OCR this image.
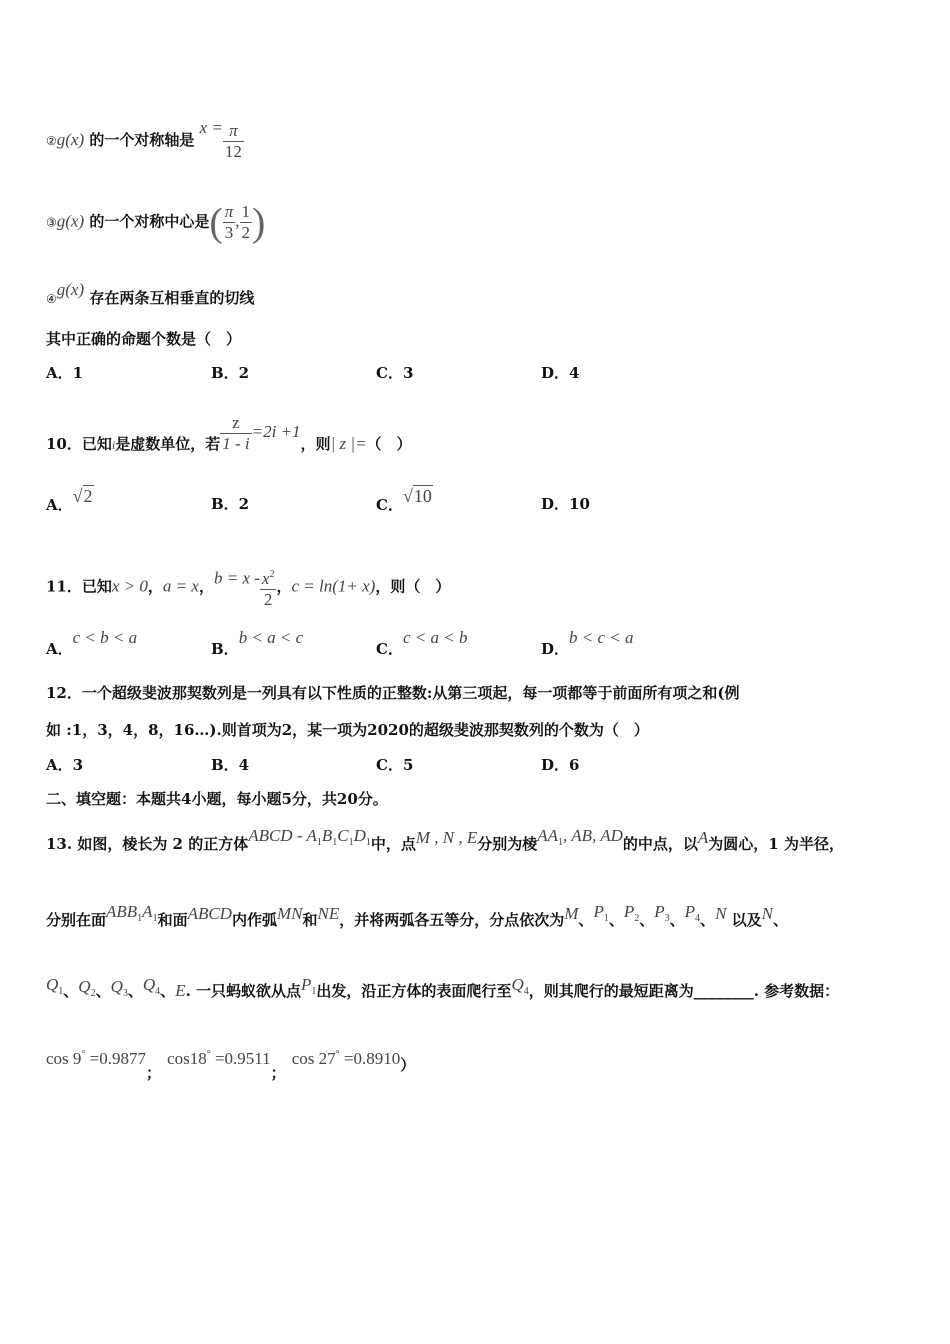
②g(x) 的一个对称轴是 $x = \frac{\pi}{12}$
③g(x) 的一个对称中心是( $\frac{\pi}{3}$ , $\frac{1}{2}$ )
④g(x) 存在两条互相垂直的切线
其中正确的命题个数是（　）
A．1	B．2	C．3	D．4
10．已知i是虚数单位，若 $\frac{z}{1 - i} =2i +1$，则| z |=（　）
A．√2	B．2	C．√10	D．10
11．已知x > 0，a = x，$b = x - \frac{x^2}{2}$ ，c = ln(1+ x)，则（　）
A．c < b < a
B．b < a < c
C．c < a < b
D．b < c < a
12．一个超级斐波那契数列是一列具有以下性质的正整数:从第三项起，每一项都等于前面所有项之和(例
如 :1，3，4，8，16…).则首项为2，某一项为2020的超级斐波那契数列的个数为（　）
A．3	B．4	C．5	D．6
二、填空题：本题共4小题，每小题5分，共20分。
13. 如图，棱长为 2 的正方体ABCD - $A_1B_1C_1D_1$中，点M , N , E分别为棱$AA_1$, AB, AD的中点，以A为圆心，1 为半径，
分别在面$ABB_1A_1$和面ABCD内作弧MN和NE，并将两弧各五等分，分点依次为M、$P_1$、$P_2$、$P_3$、$P_4$、N 以及N、
$Q_1$、$Q_2$、$Q_3$、$Q_4$、E. 一只蚂蚁欲从点$P_1$出发，沿正方体的表面爬行至$Q_4$，则其爬行的最短距离为________. 参考数据：
cos 9° =0.9877；cos18° =0.9511；cos 27° =0.8910）
